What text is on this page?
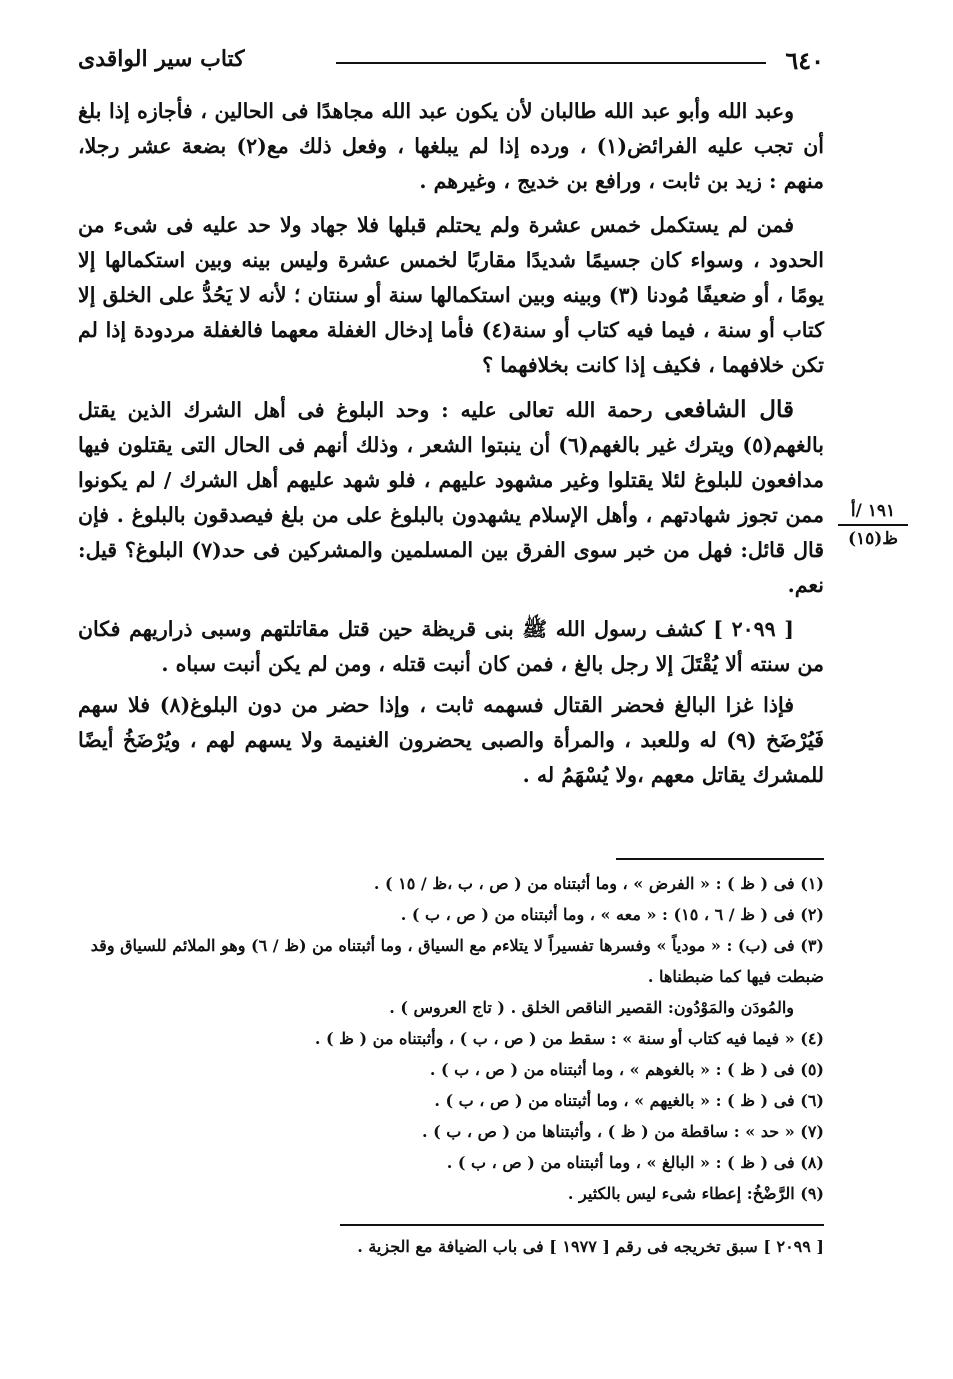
٦٤٠
كتاب سير الواقدى

وعبد الله وأبو عبد الله طالبان لأن يكون عبد الله مجاهدًا فى الحالين ، فأجازه إذا بلغ أن تجب عليه الفرائض(١) ، ورده إذا لم يبلغها ، وفعل ذلك مع(٢) بضعة عشر رجلا، منهم : زيد بن ثابت ، ورافع بن خديج ، وغيرهم .

فمن لم يستكمل خمس عشرة ولم يحتلم قبلها فلا جهاد ولا حد عليه فى شىء من الحدود ، وسواء كان جسيمًا شديدًا مقاربًا لخمس عشرة وليس بينه وبين استكمالها إلا يومًا ، أو ضعيفًا مُودنا (٣) وبينه وبين استكمالها سنة أو سنتان ؛ لأنه لا يَحُدُّ على الخلق إلا كتاب أو سنة ، فيما فيه كتاب أو سنة(٤) فأما إدخال الغفلة معهما فالغفلة مردودة إذا لم تكن خلافهما ، فكيف إذا كانت بخلافهما ؟

قال الشافعى رحمة الله تعالى عليه : وحد البلوغ فى أهل الشرك الذين يقتل بالغهم(٥) ويترك غير بالغهم(٦) أن ينبتوا الشعر ، وذلك أنهم فى الحال التى يقتلون فيها مدافعون للبلوغ لئلا يقتلوا وغير مشهود عليهم ، فلو شهد عليهم أهل الشرك / لم يكونوا ممن تجوز شهادتهم ، وأهل الإسلام يشهدون بالبلوغ على من بلغ فيصدقون بالبلوغ . فإن قال قائل: فهل من خبر سوى الفرق بين المسلمين والمشركين فى حد(٧) البلوغ؟ قيل: نعم.

[ ٢٠٩٩ ] كشف رسول الله ﷺ بنى قريظة حين قتل مقاتلتهم وسبى ذراريهم فكان من سنته ألا يُقْتَلَ إلا رجل بالغ ، فمن كان أنبت قتله ، ومن لم يكن أنبت سباه .

فإذا غزا البالغ فحضر القتال فسهمه ثابت ، وإذا حضر من دون البلوغ(٨) فلا سهم فَيُرْضَخ (٩) له وللعبد ، والمرأة والصبى يحضرون الغنيمة ولا يسهم لهم ، ويُرْضَخُ أيضًا للمشرك يقاتل معهم ،ولا يُسْهَمُ له .

١٩١ /أ
ظ(١٥)

(١) فى ( ظ ) : « الفرض » ، وما أثبتناه من ( ص ، ب ،ظ / ١٥ ) .

(٢) فى ( ظ / ٦ ، ١٥) : « معه » ، وما أثبتناه من ( ص ، ب ) .

(٣) فى (ب) : « مودياً » وفسرها تفسيراً لا يتلاءم مع السياق ، وما أثبتناه من (ظ / ٦) وهو الملائم للسياق وقد ضبطت فيها كما ضبطناها .

والمُودَن والمَوْدُون: القصير الناقص الخلق . ( تاج العروس ) .

(٤) « فيما فيه كتاب أو سنة » : سقط من ( ص ، ب ) ، وأثبتناه من ( ظ ) .

(٥) فى ( ظ ) : « بالغوهم » ، وما أثبتناه من ( ص ، ب ) .

(٦) فى ( ظ ) : « بالغيهم » ، وما أثبتناه من ( ص ، ب ) .

(٧) « حد » : ساقطة من ( ظ ) ، وأثبتناها من ( ص ، ب ) .

(٨) فى ( ظ ) : « البالغ » ، وما أثبتناه من ( ص ، ب ) .

(٩) الرَّضْخُ: إعطاء شىء ليس بالكثير .

[ ٢٠٩٩ ] سبق تخريجه فى رقم [ ١٩٧٧ ] فى باب الضيافة مع الجزية .
